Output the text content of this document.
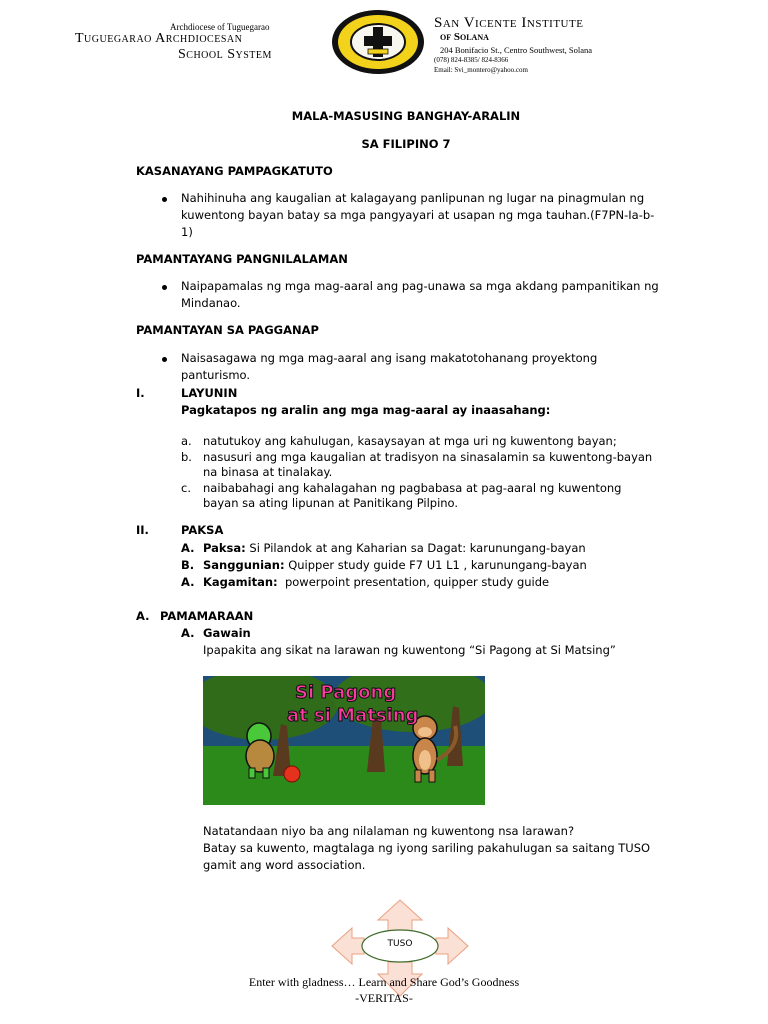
Archdiocese of Tuguegarao
Tuguegarao Archdiocesan
School System
San Vicente Institute
of Solana
204 Bonifacio St., Centro Southwest, Solana
(078) 824-8385/ 824-8366
Email: Svi_montero@yahoo.com
MALA-MASUSING BANGHAY-ARALIN
SA FILIPINO 7
KASANAYANG PAMPAGKATUTO
Nahihinuha ang kaugalian at kalagayang panlipunan ng lugar na pinagmulan ng
kuwentong bayan batay sa mga pangyayari at usapan ng mga tauhan.(F7PN-Ia-b-
1)
PAMANTAYANG PANGNILALAMAN
Naipapamalas ng mga mag-aaral ang pag-unawa sa mga akdang pampanitikan ng
Mindanao.
PAMANTAYAN SA PAGGANAP
Naisasagawa ng mga mag-aaral ang isang makatotohanang proyektong
panturismo.
I.	LAYUNIN
Pagkatapos ng aralin ang mga mag-aaral ay inaasahang:
a. natutukoy ang kahulugan, kasaysayan at mga uri ng kuwentong bayan;
b. nasusuri ang mga kaugalian at tradisyon na sinasalamin sa kuwentong-bayan
na binasa at tinalakay.
c. naibabahagi ang kahalagahan ng pagbabasa at pag-aaral ng kuwentong
bayan sa ating lipunan at Panitikang Pilpino.
II.	PAKSA
A. Paksa: Si Pilandok at ang Kaharian sa Dagat: karunungang-bayan
B. Sanggunian: Quipper study guide F7 U1 L1 , karunungang-bayan
A. Kagamitan:  powerpoint presentation, quipper study guide
A. PAMAMARAAN
A. Gawain
Ipapakita ang sikat na larawan ng kuwentong “Si Pagong at Si Matsing”
Si Pagong
at si Matsing
Natatandaan niyo ba ang nilalaman ng kuwentong nsa larawan?
Batay sa kuwento, magtalaga ng iyong sariling pakahulugan sa saitang TUSO
gamit ang word association.
TUSO
Enter with gladness… Learn and Share God’s Goodness
-VERITAS-
